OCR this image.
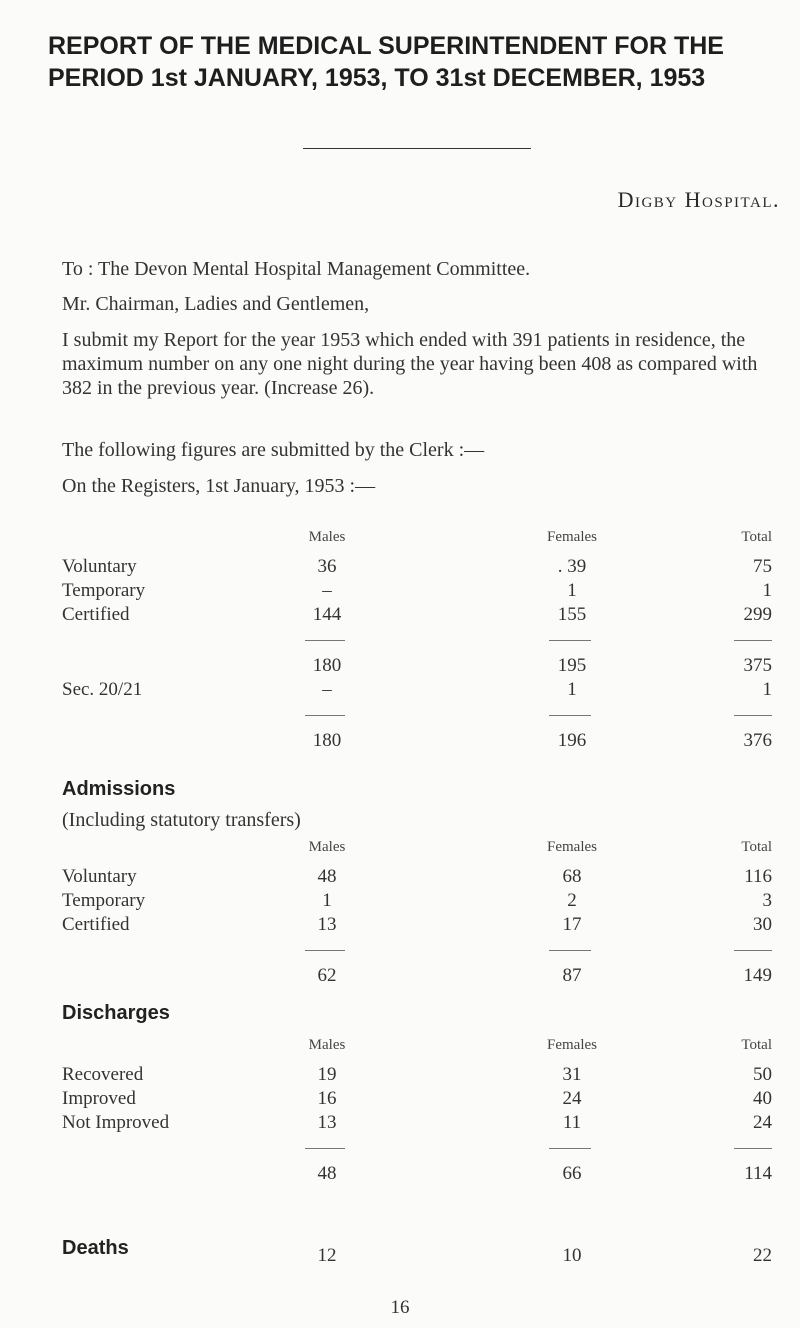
REPORT OF THE MEDICAL SUPERINTENDENT FOR THE PERIOD 1st JANUARY, 1953, TO 31st DECEMBER, 1953
Digby Hospital.
To : The Devon Mental Hospital Management Committee.
Mr. Chairman, Ladies and Gentlemen,
I submit my Report for the year 1953 which ended with 391 patients in residence, the maximum number on any one night during the year having been 408 as compared with 382 in the previous year. (Increase 26).
The following figures are submitted by the Clerk :—
On the Registers, 1st January, 1953 :—
Males	Females	Total
Voluntary	36	. 39	75
Temporary	–	1	1
Certified	144	155	299
180	195	375
Sec. 20/21	–	1	1
180	196	376
Admissions
(Including statutory transfers)
Males	Females	Total
Voluntary	48	68	116
Temporary	1	2	3
Certified	13	17	30
62	87	149
Discharges
Males	Females	Total
Recovered	19	31	50
Improved	16	24	40
Not Improved	13	11	24
48	66	114
Deaths	12	10	22
16
